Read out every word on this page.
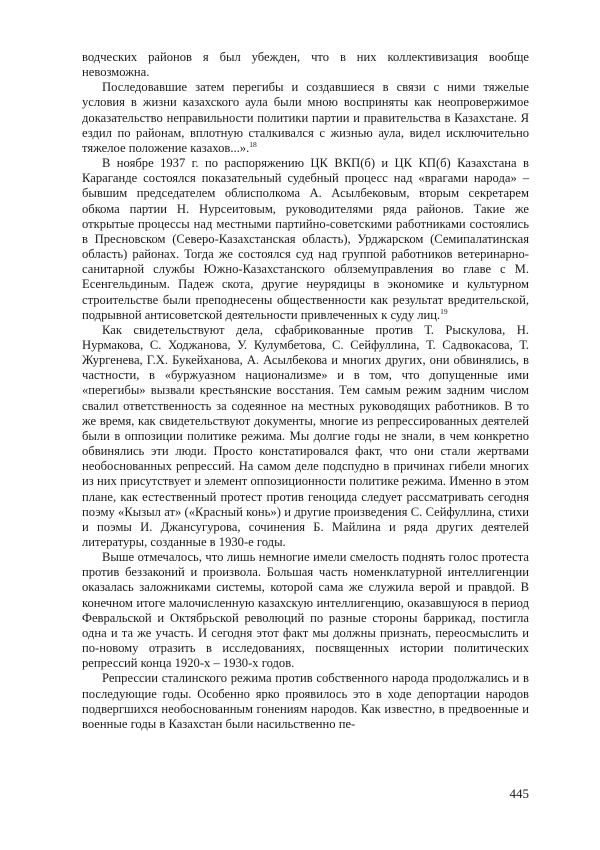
водческих районов я был убежден, что в них коллективизация вообще невозможна.

Последовавшие затем перегибы и создавшиеся в связи с ними тяжелые условия в жизни казахского аула были мною восприняты как неопровержимое доказательство неправильности политики партии и правительства в Казахстане. Я ездил по районам, вплотную сталкивался с жизнью аула, видел исключительно тяжелое положение казахов...».$^{18}$

В ноябре 1937 г. по распоряжению ЦК ВКП(б) и ЦК КП(б) Казахстана в Караганде состоялся показательный судебный процесс над «врагами народа» – бывшим председателем облисполкома А. Асылбековым, вторым секретарем обкома партии Н. Нурсеитовым, руководителями ряда районов. Такие же открытые процессы над местными партийно-советскими работниками состоялись в Пресновском (Северо-Казахстанская область), Урджарском (Семипалатинская область) районах. Тогда же состоялся суд над группой работников ветеринарно-санитарной службы Южно-Казахстанского облземуправления во главе с М. Есенгельдиным. Падеж скота, другие неурядицы в экономике и культурном строительстве были преподнесены общественности как результат вредительской, подрывной антисоветской деятельности привлеченных к суду лиц.$^{19}$

Как свидетельствуют дела, сфабрикованные против Т. Рыскулова, Н. Нурмакова, С. Ходжанова, У. Кулумбетова, С. Сейфуллина, Т. Садвокасова, Т. Жургенева, Г.Х. Букейханова, А. Асылбекова и многих других, они обвинялись, в частности, в «буржуазном национализме» и в том, что допущенные ими «перегибы» вызвали крестьянские восстания. Тем самым режим задним числом свалил ответственность за содеянное на местных руководящих работников. В то же время, как свидетельствуют документы, многие из репрессированных деятелей были в оппозиции политике режима. Мы долгие годы не знали, в чем конкретно обвинялись эти люди. Просто констатировался факт, что они стали жертвами необоснованных репрессий. На самом деле подспудно в причинах гибели многих из них присутствует и элемент оппозиционности политике режима. Именно в этом плане, как естественный протест против геноцида следует рассматривать сегодня поэму «Кызыл ат» («Красный конь») и другие произведения С. Сейфуллина, стихи и поэмы И. Джансугурова, сочинения Б. Майлина и ряда других деятелей литературы, созданные в 1930-е годы.

Выше отмечалось, что лишь немногие имели смелость поднять голос протеста против беззаконий и произвола. Большая часть номенклатурной интеллигенции оказалась заложниками системы, которой сама же служила верой и правдой. В конечном итоге малочисленную казахскую интеллигенцию, оказавшуюся в период Февральской и Октябрьской революций по разные стороны баррикад, постигла одна и та же участь. И сегодня этот факт мы должны признать, переосмыслить и по-новому отразить в исследованиях, посвященных истории политических репрессий конца 1920-х – 1930-х годов.

Репрессии сталинского режима против собственного народа продолжались и в последующие годы. Особенно ярко проявилось это в ходе депортации народов подвергшихся необоснованным гонениям народов. Как известно, в предвоенные и военные годы в Казахстан были насильственно пе-

445
